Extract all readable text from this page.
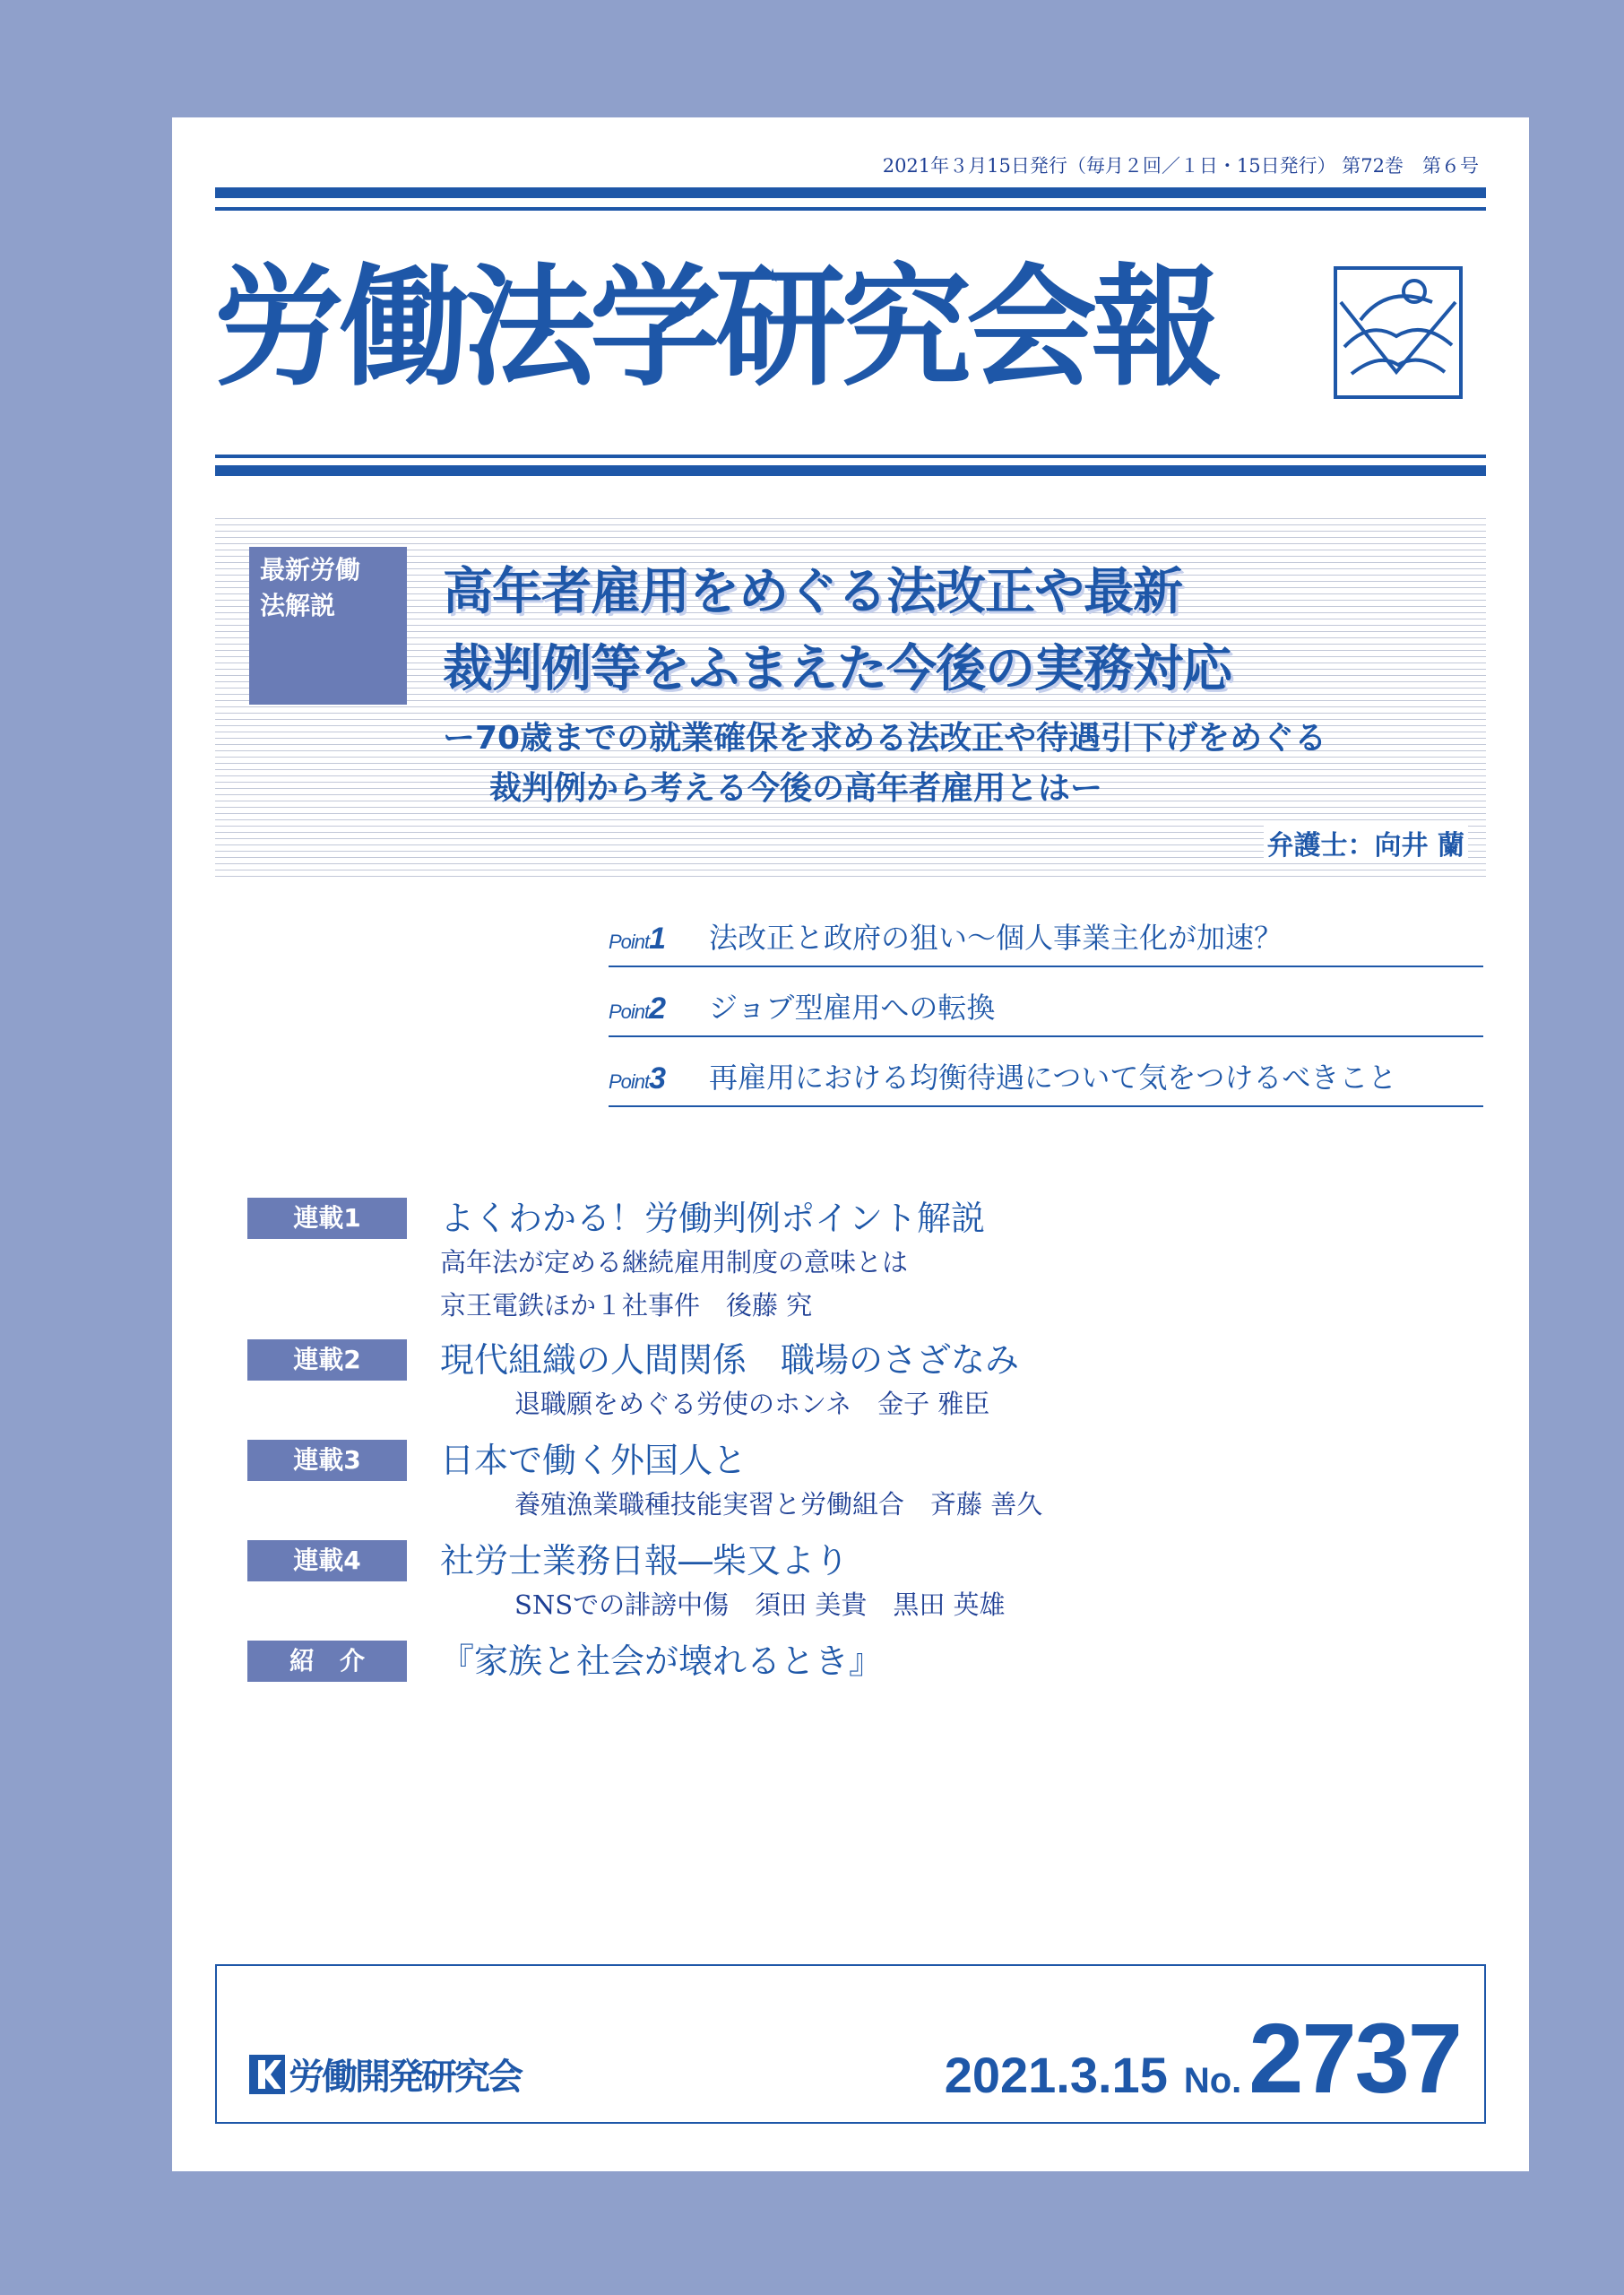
2021年３月15日発行（毎月２回／１日・15日発行） 第72巻　第６号
労働法学研究会報
最新労働
法解説	高年者雇用をめぐる法改正や最新
裁判例等をふまえた今後の実務対応
ー70歳までの就業確保を求める法改正や待遇引下げをめぐる
裁判例から考える今後の高年者雇用とはー
弁護士：向井 蘭
Point1 法改正と政府の狙い～個人事業主化が加速？
Point2 ジョブ型雇用への転換
Point3 再雇用における均衡待遇について気をつけるべきこと
連載1	よくわかる！労働判例ポイント解説
高年法が定める継続雇用制度の意味とは
京王電鉄ほか１社事件　後藤 究
連載2	現代組織の人間関係　職場のさざなみ
退職願をめぐる労使のホンネ　金子 雅臣
連載3	日本で働く外国人と
養殖漁業職種技能実習と労働組合　斉藤 善久
連載4	社労士業務日報―柴又より
SNSでの誹謗中傷　須田 美貴　黒田 英雄
紹　介	『家族と社会が壊れるとき』
労働開発研究会	2021.3.15 No.2737
